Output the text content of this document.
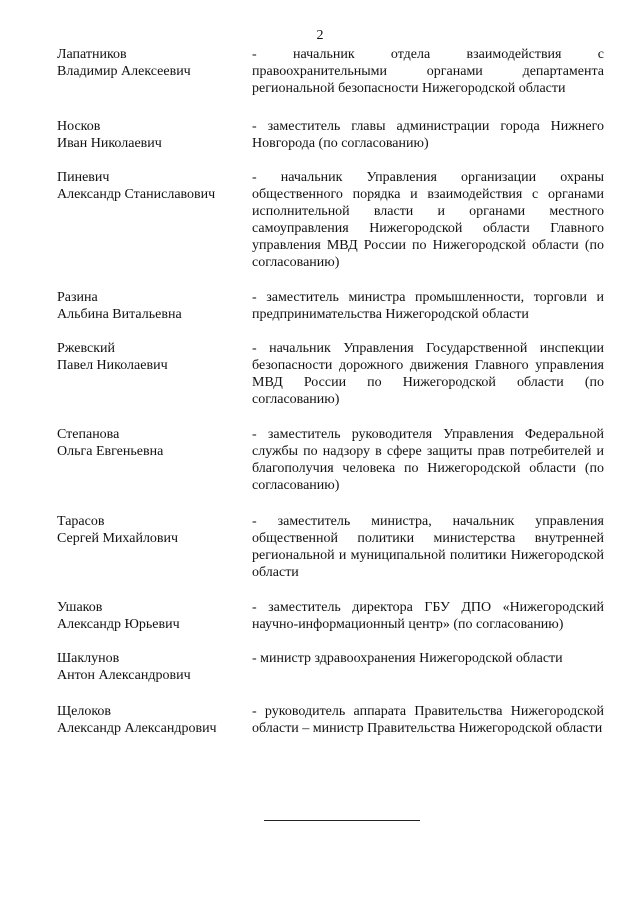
2
Лапатников
Владимир Алексеевич
- начальник отдела взаимодействия с правоохранительными органами департамента региональной безопасности Нижегородской области
Носков
Иван Николаевич
- заместитель главы администрации города Нижнего Новгорода (по согласованию)
Пиневич
Александр Станиславович
- начальник Управления организации охраны общественного порядка и взаимодействия с органами исполнительной власти и органами местного самоуправления Нижегородской области Главного управления МВД России по Нижегородской области (по согласованию)
Разина
Альбина Витальевна
- заместитель министра промышленности, торговли и предпринимательства Нижегородской области
Ржевский
Павел Николаевич
- начальник Управления Государственной инспекции безопасности дорожного движения Главного управления МВД России по Нижегородской области (по согласованию)
Степанова
Ольга Евгеньевна
- заместитель руководителя Управления Федеральной службы по надзору в сфере защиты прав потребителей и благополучия человека по Нижегородской области (по согласованию)
Тарасов
Сергей Михайлович
- заместитель министра, начальник управления общественной политики министерства внутренней региональной и муниципальной политики Нижегородской области
Ушаков
Александр Юрьевич
- заместитель директора ГБУ ДПО «Нижегородский научно-информационный центр» (по согласованию)
Шаклунов
Антон Александрович
- министр здравоохранения Нижегородской области
Щелоков
Александр Александрович
- руководитель аппарата Правительства Нижегородской области – министр Правительства Нижегородской области
